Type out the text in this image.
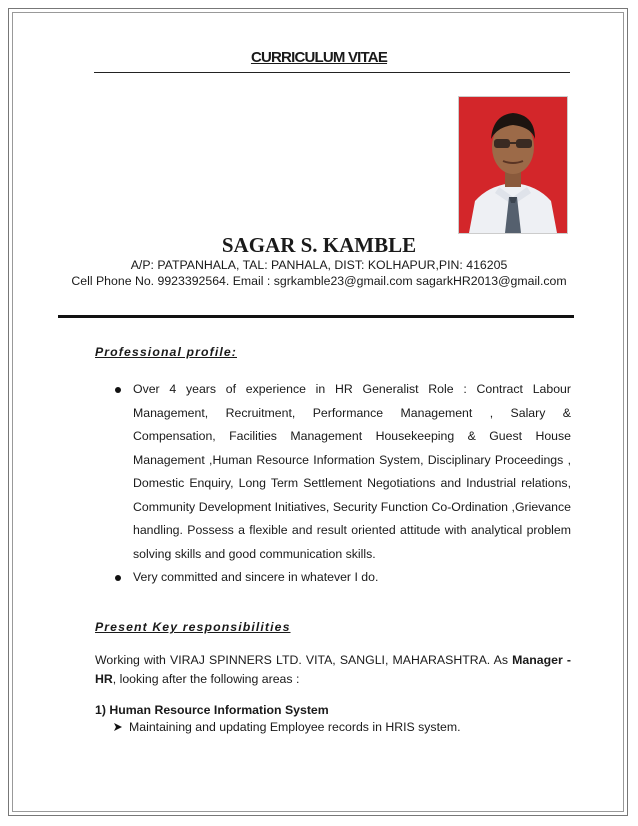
CURRICULUM VITAE
SAGAR S. KAMBLE
A/P: PATPANHALA, TAL: PANHALA, DIST: KOLHAPUR,PIN: 416205
Cell Phone No. 9923392564. Email : sgrkamble23@gmail.com sagarkHR2013@gmail.com
Professional profile:
Over 4 years of experience in HR Generalist Role : Contract Labour Management, Recruitment, Performance Management , Salary & Compensation, Facilities Management Housekeeping & Guest House Management ,Human Resource Information System, Disciplinary Proceedings , Domestic Enquiry, Long Term Settlement Negotiations and Industrial relations, Community Development Initiatives, Security Function Co-Ordination ,Grievance handling. Possess a flexible and result oriented attitude with analytical problem solving skills and good communication skills.
Very committed and sincere in whatever I do.
Present Key responsibilities
Working with VIRAJ SPINNERS LTD. VITA, SANGLI, MAHARASHTRA. As Manager - HR, looking after the following areas :
1) Human Resource Information System
Maintaining and updating Employee records in HRIS system.
